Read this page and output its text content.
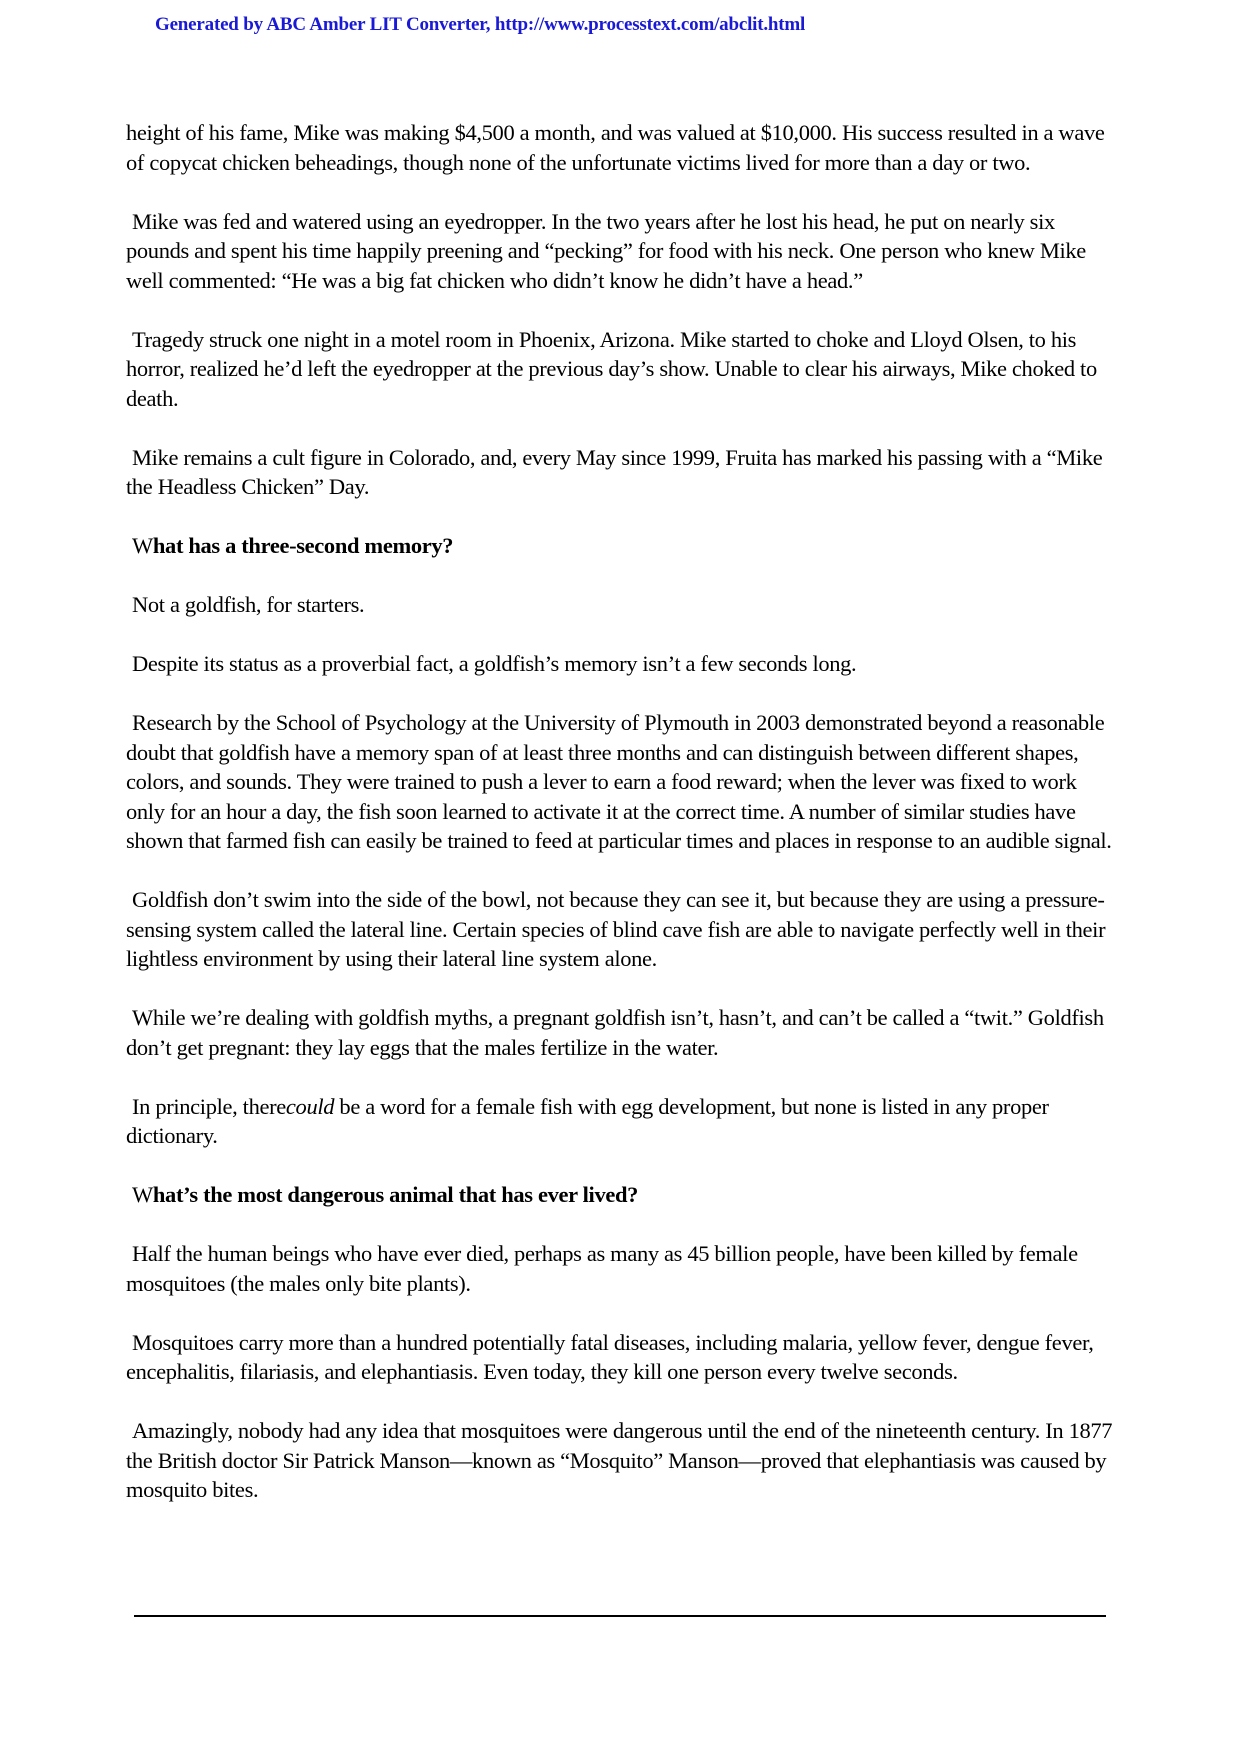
Generated by ABC Amber LIT Converter, http://www.processtext.com/abclit.html

height of his fame, Mike was making $4,500 a month, and was valued at $10,000. His success resulted in a wave of copycat chicken beheadings, though none of the unfortunate victims lived for more than a day or two.

Mike was fed and watered using an eyedropper. In the two years after he lost his head, he put on nearly six pounds and spent his time happily preening and “pecking” for food with his neck. One person who knew Mike well commented: “He was a big fat chicken who didn’t know he didn’t have a head.”

Tragedy struck one night in a motel room in Phoenix, Arizona. Mike started to choke and Lloyd Olsen, to his horror, realized he’d left the eyedropper at the previous day’s show. Unable to clear his airways, Mike choked to death.

Mike remains a cult figure in Colorado, and, every May since 1999, Fruita has marked his passing with a “Mike the Headless Chicken” Day.

What has a three-second memory?

Not a goldfish, for starters.

Despite its status as a proverbial fact, a goldfish’s memory isn’t a few seconds long.

Research by the School of Psychology at the University of Plymouth in 2003 demonstrated beyond a reasonable doubt that goldfish have a memory span of at least three months and can distinguish between different shapes, colors, and sounds. They were trained to push a lever to earn a food reward; when the lever was fixed to work only for an hour a day, the fish soon learned to activate it at the correct time. A number of similar studies have shown that farmed fish can easily be trained to feed at particular times and places in response to an audible signal.

Goldfish don’t swim into the side of the bowl, not because they can see it, but because they are using a pressure-sensing system called the lateral line. Certain species of blind cave fish are able to navigate perfectly well in their lightless environment by using their lateral line system alone.

While we’re dealing with goldfish myths, a pregnant goldfish isn’t, hasn’t, and can’t be called a “twit.” Goldfish don’t get pregnant: they lay eggs that the males fertilize in the water.

In principle, therecould be a word for a female fish with egg development, but none is listed in any proper dictionary.

What’s the most dangerous animal that has ever lived?

Half the human beings who have ever died, perhaps as many as 45 billion people, have been killed by female mosquitoes (the males only bite plants).

Mosquitoes carry more than a hundred potentially fatal diseases, including malaria, yellow fever, dengue fever, encephalitis, filariasis, and elephantiasis. Even today, they kill one person every twelve seconds.

Amazingly, nobody had any idea that mosquitoes were dangerous until the end of the nineteenth century. In 1877 the British doctor Sir Patrick Manson—known as “Mosquito” Manson—proved that elephantiasis was caused by mosquito bites.
